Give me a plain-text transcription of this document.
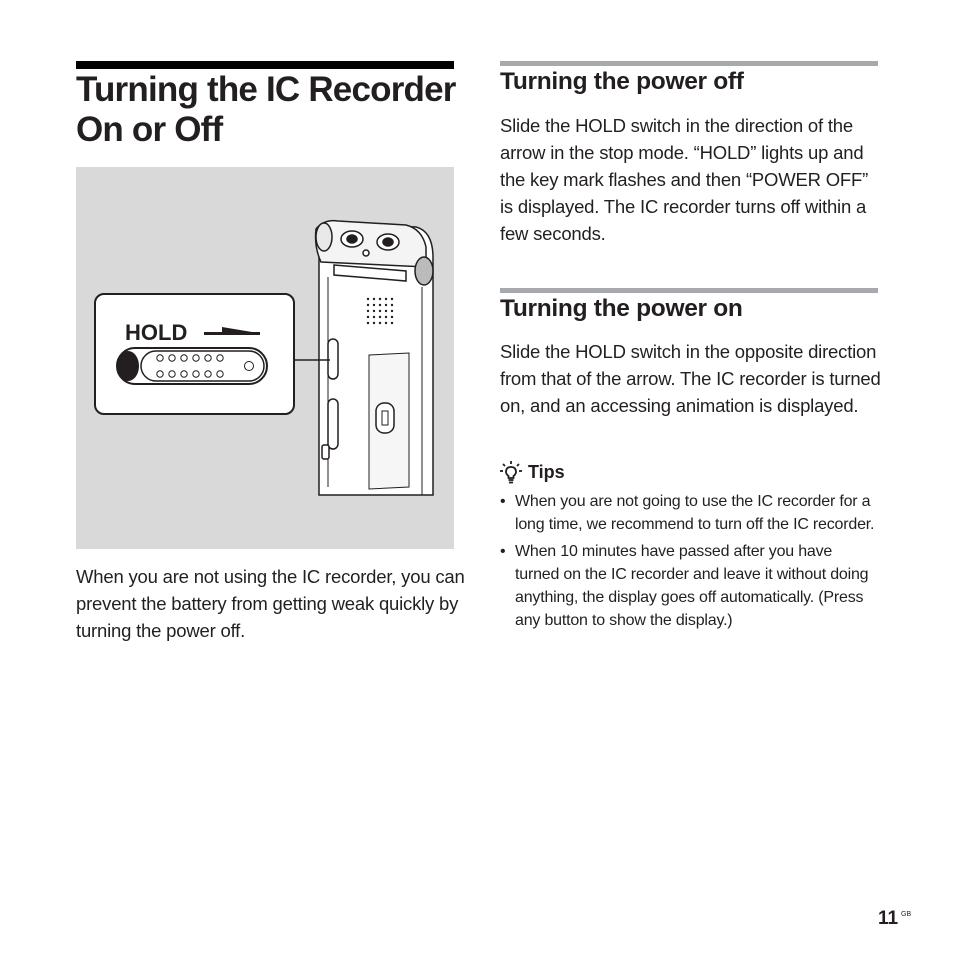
Turning the IC Recorder On or Off
HOLD

When you are not using the IC recorder, you can prevent the battery from getting weak quickly by turning the power off.

Turning the power off

Slide the HOLD switch in the direction of the arrow in the stop mode. “HOLD” lights up and the key mark flashes and then “POWER OFF” is displayed. The IC recorder turns off within a few seconds.

Turning the power on

Slide the HOLD switch in the opposite direction from that of the arrow. The IC recorder is turned on, and an accessing animation is displayed.

Tips
• When you are not going to use the IC recorder for a long time, we recommend to turn off the IC recorder.
• When 10 minutes have passed after you have turned on the IC recorder and leave it without doing anything, the display goes off automatically. (Press any button to show the display.)
11 GB
